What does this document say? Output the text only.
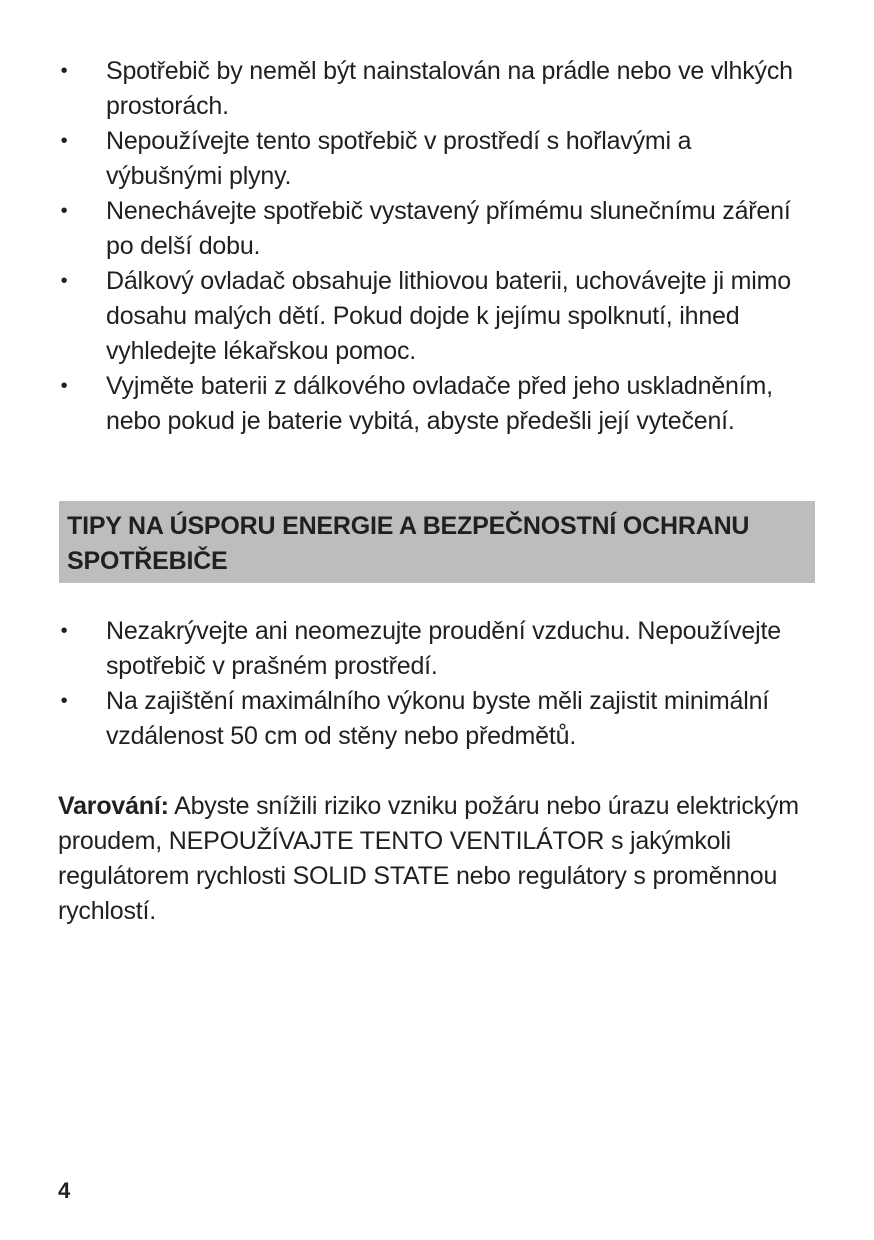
• Spotřebič by neměl být nainstalován na prádle nebo ve vlhkých prostorách.
• Nepoužívejte tento spotřebič v prostředí s hořlavými a výbušnými plyny.
• Nenechávejte spotřebič vystavený přímému slunečnímu záření po delší dobu.
• Dálkový ovladač obsahuje lithiovou baterii, uchovávejte ji mimo dosahu malých dětí. Pokud dojde k jejímu spolknutí, ihned vyhledejte lékařskou pomoc.
• Vyjměte baterii z dálkového ovladače před jeho uskladněním, nebo pokud je baterie vybitá, abyste předešli její vytečení.
TIPY NA ÚSPORU ENERGIE A BEZPEČNOSTNÍ OCHRANU SPOTŘEBIČE
• Nezakrývejte ani neomezujte proudění vzduchu. Nepoužívejte spotřebič v prašném prostředí.
• Na zajištění maximálního výkonu byste měli zajistit minimální vzdálenost 50 cm od stěny nebo předmětů.

Varování: Abyste snížili riziko vzniku požáru nebo úrazu elektrickým proudem, NEPOUŽÍVAJTE TENTO VENTILÁTOR s jakýmkoli regulátorem rychlosti SOLID STATE nebo regulátory s proměnnou rychlostí.

4
